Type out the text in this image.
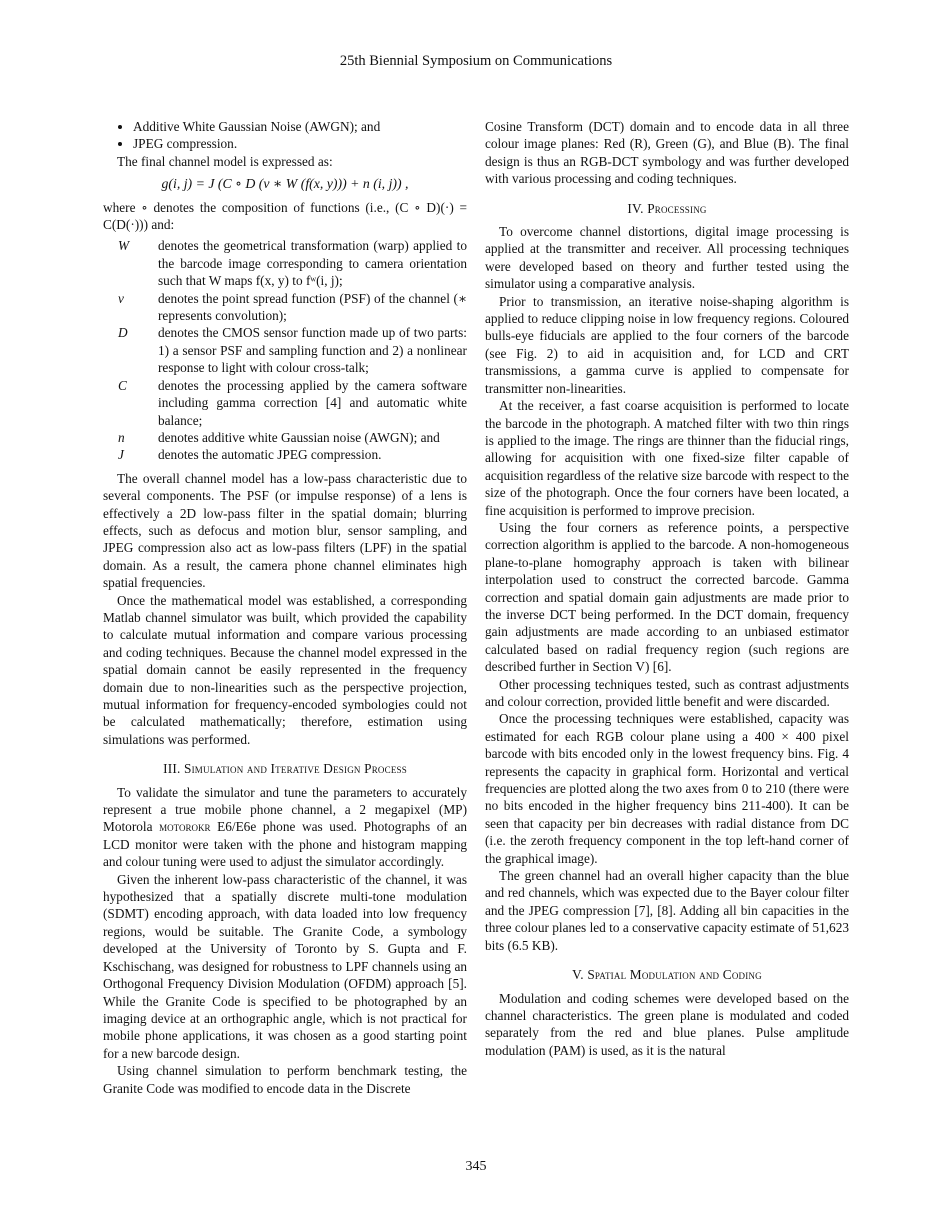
25th Biennial Symposium on Communications
• Additive White Gaussian Noise (AWGN); and
• JPEG compression.

The final channel model is expressed as:

g(i, j) = J (C ∘ D (v ∗ W (f(x, y))) + n (i, j)) ,

where ∘ denotes the composition of functions (i.e., (C ∘ D)(·) = C(D(·))) and:

W	denotes the geometrical transformation (warp) applied to the barcode image corresponding to camera orientation such that W maps f(x, y) to fʷ(i, j);
v	denotes the point spread function (PSF) of the channel (∗ represents convolution);
D	denotes the CMOS sensor function made up of two parts: 1) a sensor PSF and sampling function and 2) a nonlinear response to light with colour cross-talk;
C	denotes the processing applied by the camera software including gamma correction [4] and automatic white balance;
n	denotes additive white Gaussian noise (AWGN); and
J	denotes the automatic JPEG compression.

The overall channel model has a low-pass characteristic due to several components. The PSF (or impulse response) of a lens is effectively a 2D low-pass filter in the spatial domain; blurring effects, such as defocus and motion blur, sensor sampling, and JPEG compression also act as low-pass filters (LPF) in the spatial domain. As a result, the camera phone channel eliminates high spatial frequencies.

Once the mathematical model was established, a corresponding Matlab channel simulator was built, which provided the capability to calculate mutual information and compare various processing and coding techniques. Because the channel model expressed in the spatial domain cannot be easily represented in the frequency domain due to non-linearities such as the perspective projection, mutual information for frequency-encoded symbologies could not be calculated mathematically; therefore, estimation using simulations was performed.

III. Simulation and Iterative Design Process

To validate the simulator and tune the parameters to accurately represent a true mobile phone channel, a 2 megapixel (MP) Motorola motorokr E6/E6e phone was used. Photographs of an LCD monitor were taken with the phone and histogram mapping and colour tuning were used to adjust the simulator accordingly.

Given the inherent low-pass characteristic of the channel, it was hypothesized that a spatially discrete multi-tone modulation (SDMT) encoding approach, with data loaded into low frequency regions, would be suitable. The Granite Code, a symbology developed at the University of Toronto by S. Gupta and F. Kschischang, was designed for robustness to LPF channels using an Orthogonal Frequency Division Modulation (OFDM) approach [5]. While the Granite Code is specified to be photographed by an imaging device at an orthographic angle, which is not practical for mobile phone applications, it was chosen as a good starting point for a new barcode design.

Using channel simulation to perform benchmark testing, the Granite Code was modified to encode data in the Discrete

Cosine Transform (DCT) domain and to encode data in all three colour image planes: Red (R), Green (G), and Blue (B). The final design is thus an RGB-DCT symbology and was further developed with various processing and coding techniques.

IV. Processing

To overcome channel distortions, digital image processing is applied at the transmitter and receiver. All processing techniques were developed based on theory and further tested using the simulator using a comparative analysis.

Prior to transmission, an iterative noise-shaping algorithm is applied to reduce clipping noise in low frequency regions. Coloured bulls-eye fiducials are applied to the four corners of the barcode (see Fig. 2) to aid in acquisition and, for LCD and CRT transmissions, a gamma curve is applied to compensate for transmitter non-linearities.

At the receiver, a fast coarse acquisition is performed to locate the barcode in the photograph. A matched filter with two thin rings is applied to the image. The rings are thinner than the fiducial rings, allowing for acquisition with one fixed-size filter capable of acquisition regardless of the relative size barcode with respect to the size of the photograph. Once the four corners have been located, a fine acquisition is performed to improve precision.

Using the four corners as reference points, a perspective correction algorithm is applied to the barcode. A non-homogeneous plane-to-plane homography approach is taken with bilinear interpolation used to construct the corrected barcode. Gamma correction and spatial domain gain adjustments are made prior to the inverse DCT being performed. In the DCT domain, frequency gain adjustments are made according to an unbiased estimator calculated based on radial frequency region (such regions are described further in Section V) [6].

Other processing techniques tested, such as contrast adjustments and colour correction, provided little benefit and were discarded.

Once the processing techniques were established, capacity was estimated for each RGB colour plane using a 400 × 400 pixel barcode with bits encoded only in the lowest frequency bins. Fig. 4 represents the capacity in graphical form. Horizontal and vertical frequencies are plotted along the two axes from 0 to 210 (there were no bits encoded in the higher frequency bins 211-400). It can be seen that capacity per bin decreases with radial distance from DC (i.e. the zeroth frequency component in the top left-hand corner of the graphical image).

The green channel had an overall higher capacity than the blue and red channels, which was expected due to the Bayer colour filter and the JPEG compression [7], [8]. Adding all bin capacities in the three colour planes led to a conservative capacity estimate of 51,623 bits (6.5 KB).

V. Spatial Modulation and Coding

Modulation and coding schemes were developed based on the channel characteristics. The green plane is modulated and coded separately from the red and blue planes. Pulse amplitude modulation (PAM) is used, as it is the natural

345
